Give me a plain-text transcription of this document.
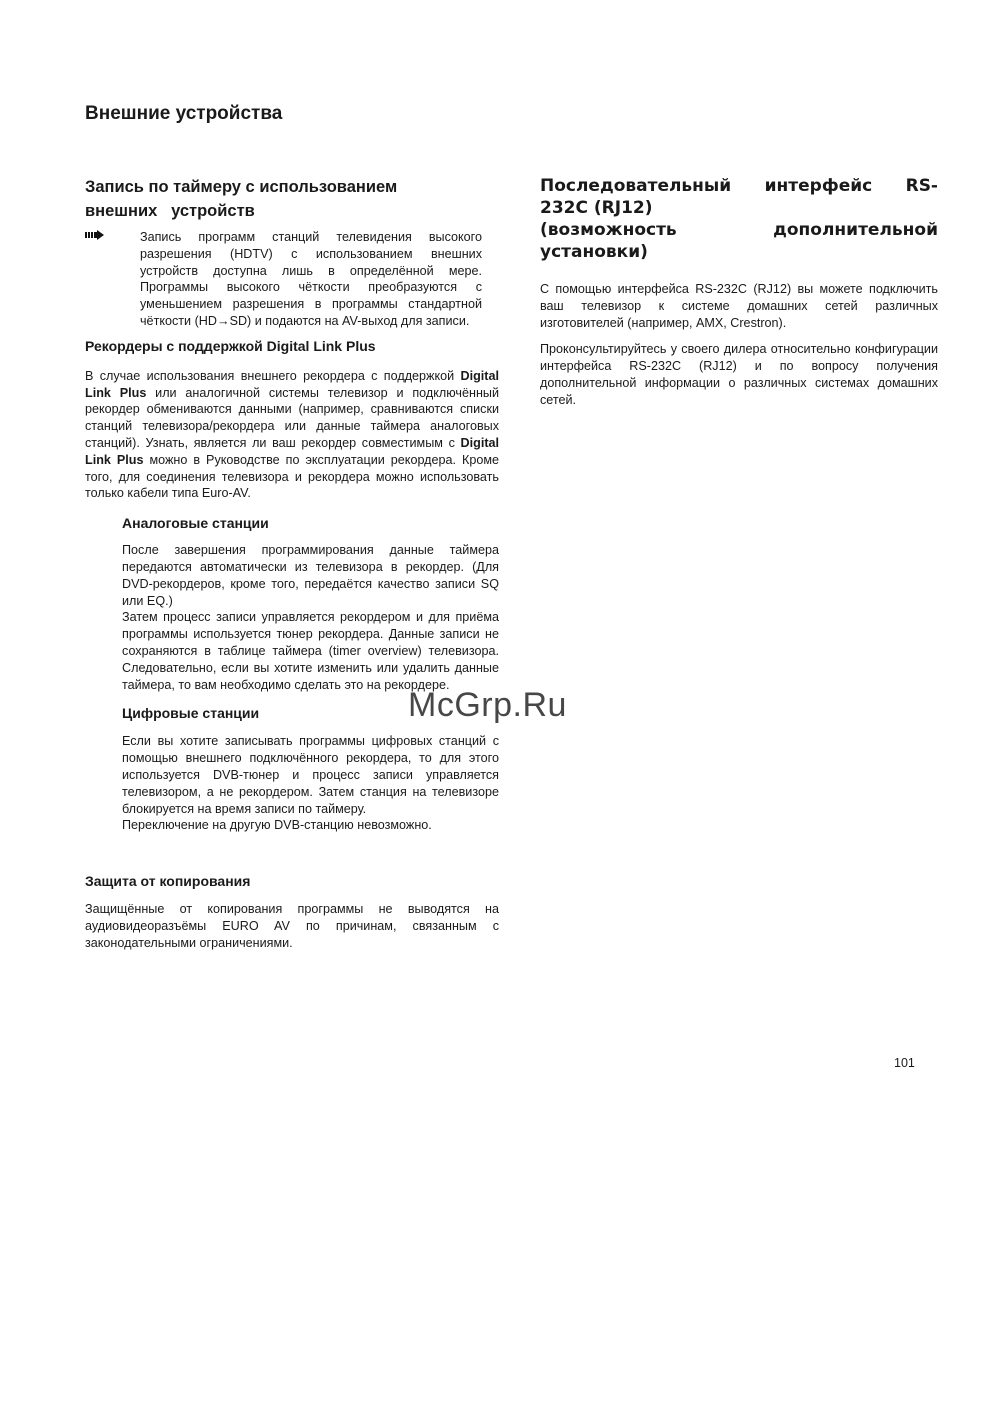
Внешние устройства
Запись по таймеру с использованием
внешних   устройств

Запись программ станций телевидения высокого разрешения (HDTV) с использованием внешних устройств доступна лишь в определённой мере. Программы высокого чёткости преобразуются с уменьшением разрешения в программы стандартной чёткости (HD→SD) и подаются на AV-выход для записи.

Рекордеры с поддержкой Digital Link Plus

В случае использования внешнего рекордера с поддержкой Digital Link Plus или аналогичной системы телевизор и подключённый рекордер обмениваются данными (например, сравниваются списки станций телевизора/рекордера или данные таймера аналоговых станций). Узнать, является ли ваш рекордер совместимым с Digital Link Plus можно в Руководстве по эксплуатации рекордера. Кроме того, для соединения телевизора и рекордера можно использовать только кабели типа Euro-AV.

Аналоговые станции

После завершения программирования данные таймера передаются автоматически из телевизора в рекордер. (Для DVD-рекордеров, кроме того, передаётся качество записи SQ или EQ.)

Затем процесс записи управляется рекордером и для приёма программы используется тюнер рекордера. Данные записи не сохраняются в таблице таймера (timer overview) телевизора. Следовательно, если вы хотите изменить или удалить данные таймера, то вам необходимо сделать это на рекордере.

Цифровые станции

Если вы хотите записывать программы цифровых станций с помощью внешнего подключённого рекордера, то для этого используется DVB-тюнер и процесс записи управляется телевизором, а не рекордером. Затем станция на телевизоре блокируется на время записи по таймеру.

Переключение на другую DVB-станцию невозможно.

Защита от копирования

Защищённые от копирования программы не выводятся на аудиовидеоразъёмы EURO AV по причинам, связанным с законодательными ограничениями.

Последовательный интерфейс RS-
232C (RJ12)
(возможность дополнительной
установки)

С помощью интерфейса RS-232C (RJ12) вы можете подключить ваш телевизор к системе домашних сетей различных изготовителей (например, AMX, Crestron).

Проконсультируйтесь у своего дилера относительно конфигурации интерфейса RS-232C (RJ12) и по вопросу получения дополнительной информации о различных системах домашних сетей.

McGrp.Ru
101
